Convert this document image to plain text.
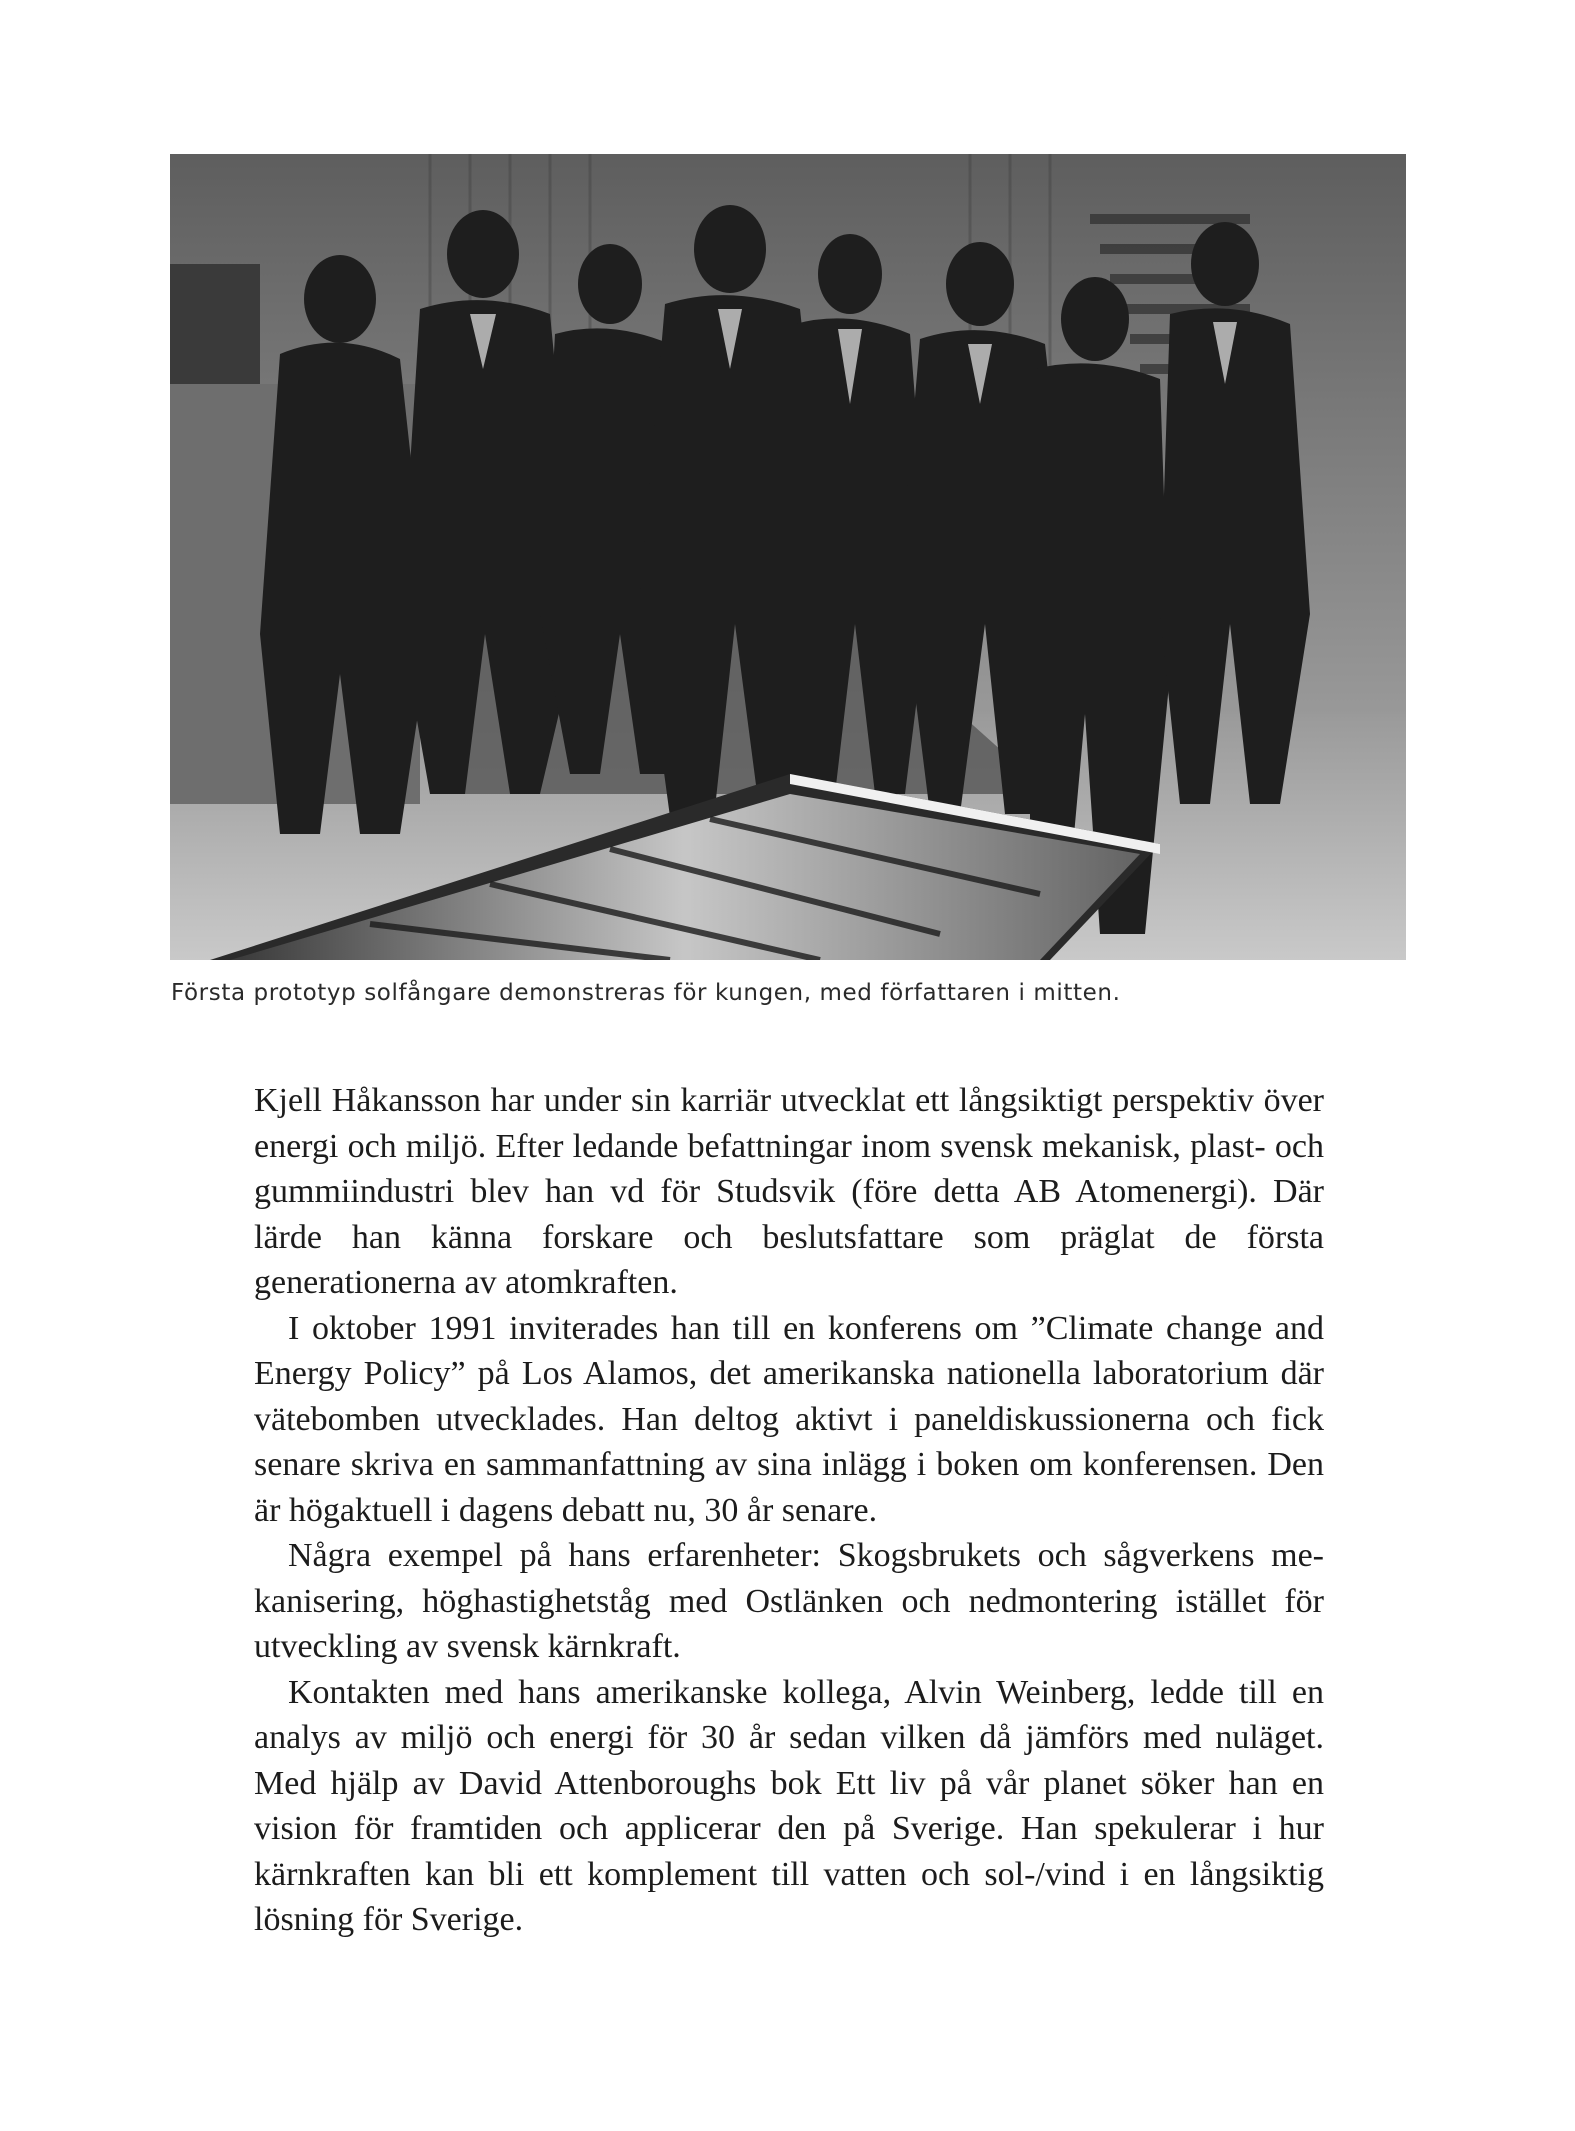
Första prototyp solfångare demonstreras för kungen, med författaren i mitten.

Kjell Håkansson har under sin karriär utvecklat ett långsiktigt perspektiv över energi och miljö. Efter ledande befattningar inom svensk mekanisk, plast- och gummiindustri blev han vd för Studsvik (före detta AB Atomenergi). Där lärde han känna forskare och beslutsfattare som präglat de första generationerna av atomkraften.

I oktober 1991 inviterades han till en konferens om ”Climate change and Energy Policy” på Los Alamos, det amerikanska nationella laboratorium där vätebomben utvecklades. Han deltog aktivt i paneldiskussionerna och fick senare skriva en sammanfattning av sina inlägg i boken om konferensen. Den är högaktuell i dagens debatt nu, 30 år senare.

Några exempel på hans erfarenheter: Skogsbrukets och sågverkens mekanisering, höghastighetståg med Ostlänken och nedmontering istället för utveckling av svensk kärnkraft.

Kontakten med hans amerikanske kollega, Alvin Weinberg, ledde till en analys av miljö och energi för 30 år sedan vilken då jämförs med nuläget. Med hjälp av David Attenboroughs bok Ett liv på vår planet söker han en vision för framtiden och applicerar den på Sverige. Han spekulerar i hur kärnkraften kan bli ett komplement till vatten och sol-/vind i en långsiktig lösning för Sverige.
